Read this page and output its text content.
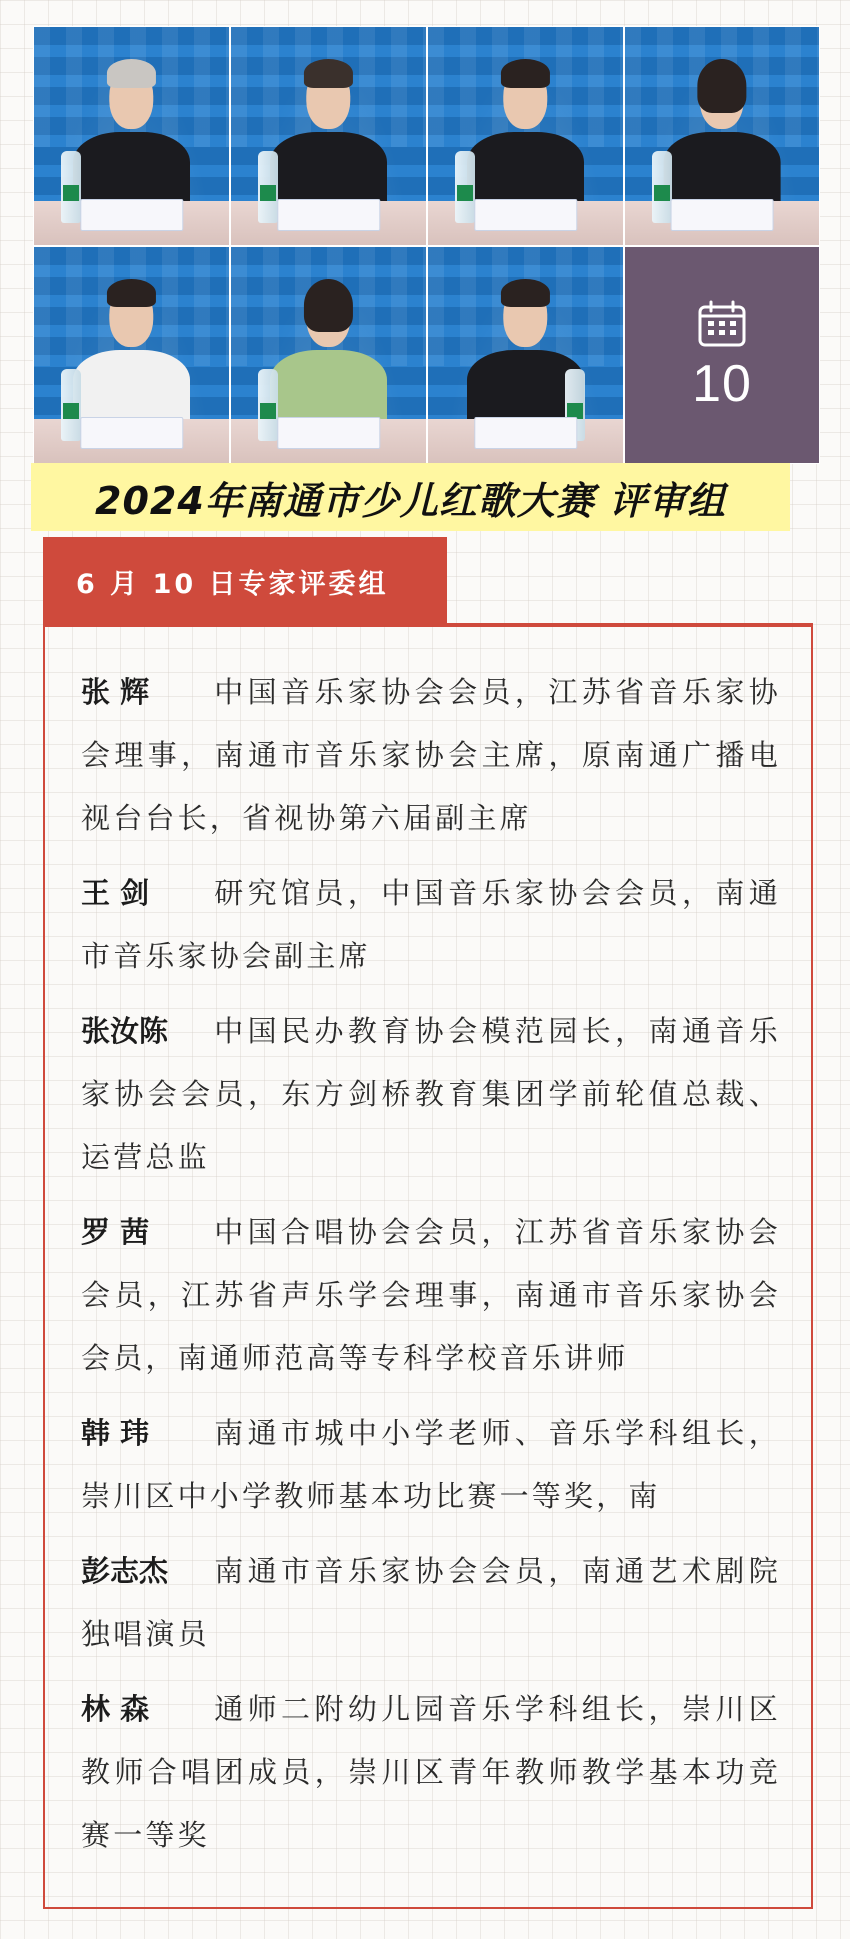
10
2024年南通市少儿红歌大赛 评审组
6 月 10 日专家评委组
张 辉 中国音乐家协会会员，江苏省音乐家协会理事，南通市音乐家协会主席，原南通广播电视台台长，省视协第六届副主席
王 剑 研究馆员，中国音乐家协会会员，南通市音乐家协会副主席
张汝陈 中国民办教育协会模范园长，南通音乐家协会会员，东方剑桥教育集团学前轮值总裁、运营总监
罗 茜 中国合唱协会会员，江苏省音乐家协会会员，江苏省声乐学会理事，南通市音乐家协会会员，南通师范高等专科学校音乐讲师
韩 玮 南通市城中小学老师、音乐学科组长，崇川区中小学教师基本功比赛一等奖，南
彭志杰 南通市音乐家协会会员，南通艺术剧院独唱演员
林 森 通师二附幼儿园音乐学科组长，崇川区教师合唱团成员，崇川区青年教师教学基本功竞赛一等奖
